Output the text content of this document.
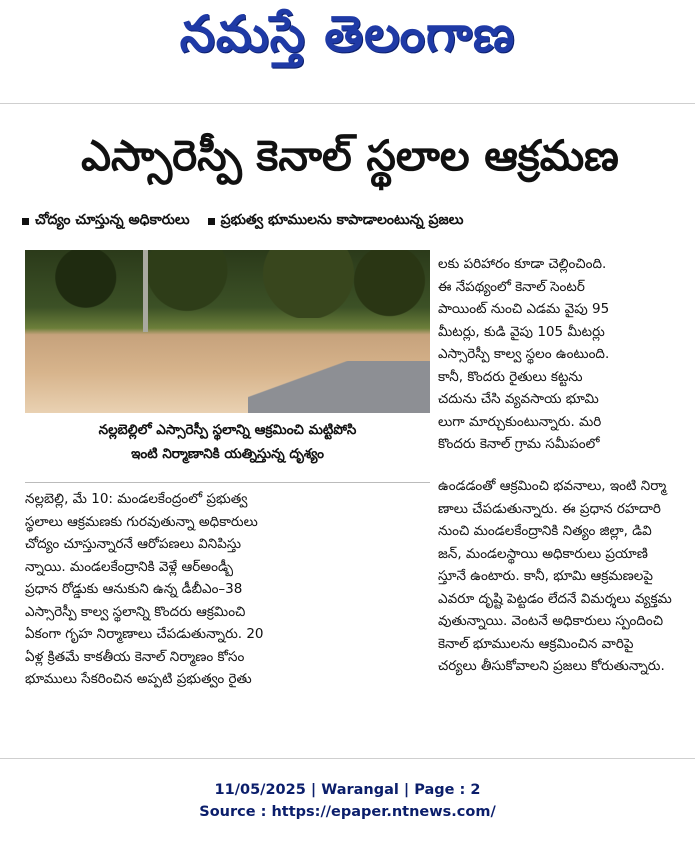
నమస్తే తెలంగాణ
ఎస్సారెస్పీ కెనాల్ స్థలాల ఆక్రమణ
చోద్యం చూస్తున్న అధికారులు ప్రభుత్వ భూములను కాపాడాలంటున్న ప్రజలు
నల్లబెల్లిలో ఎస్సారెస్పీ స్థలాన్ని ఆక్రమించి మట్టిపోసి
ఇంటి నిర్మాణానికి యత్నిస్తున్న దృశ్యం

నల్లబెల్లి, మే 10: మండలకేంద్రంలో ప్రభుత్వ

స్థలాలు ఆక్రమణకు గురవుతున్నా అధికారులు

చోద్యం చూస్తున్నారనే ఆరోపణలు వినిపిస్తు

న్నాయి. మండలకేంద్రానికి వెళ్లే ఆర్అండ్బీ

ప్రధాన రోడ్డుకు ఆనుకుని ఉన్న డీబీఎం–38

ఎస్సారెస్పీ కాల్వ స్థలాన్ని కొందరు ఆక్రమించి

ఏకంగా గృహ నిర్మాణాలు చేపడుతున్నారు. 20

ఏళ్ల క్రితమే కాకతీయ కెనాల్ నిర్మాణం కోసం

భూములు సేకరించిన అప్పటి ప్రభుత్వం రైతు

లకు పరిహారం కూడా చెల్లించింది.

ఈ నేపథ్యంలో కెనాల్ సెంటర్

పాయింట్ నుంచి ఎడమ వైపు 95

మీటర్లు, కుడి వైపు 105 మీటర్లు

ఎస్సారెస్పీ కాల్వ స్థలం ఉంటుంది.

కానీ, కొందరు రైతులు కట్టను

చదును చేసి వ్యవసాయ భూమి

లుగా మార్చుకుంటున్నారు. మరి

కొందరు కెనాల్ గ్రామ సమీపంలో

ఉండడంతో ఆక్రమించి భవనాలు, ఇంటి నిర్మా

ణాలు చేపడుతున్నారు. ఈ ప్రధాన రహదారి

నుంచి మండలకేంద్రానికి నిత్యం జిల్లా, డివి

జన్, మండలస్థాయి అధికారులు ప్రయాణి

స్తూనే ఉంటారు. కానీ, భూమి ఆక్రమణలపై

ఎవరూ దృష్టి పెట్టడం లేదనే విమర్శలు వ్యక్తమ

వుతున్నాయి. వెంటనే అధికారులు స్పందించి

కెనాల్ భూములను ఆక్రమించిన వారిపై

చర్యలు తీసుకోవాలని ప్రజలు కోరుతున్నారు.

11/05/2025 | Warangal | Page : 2
Source : https://epaper.ntnews.com/
